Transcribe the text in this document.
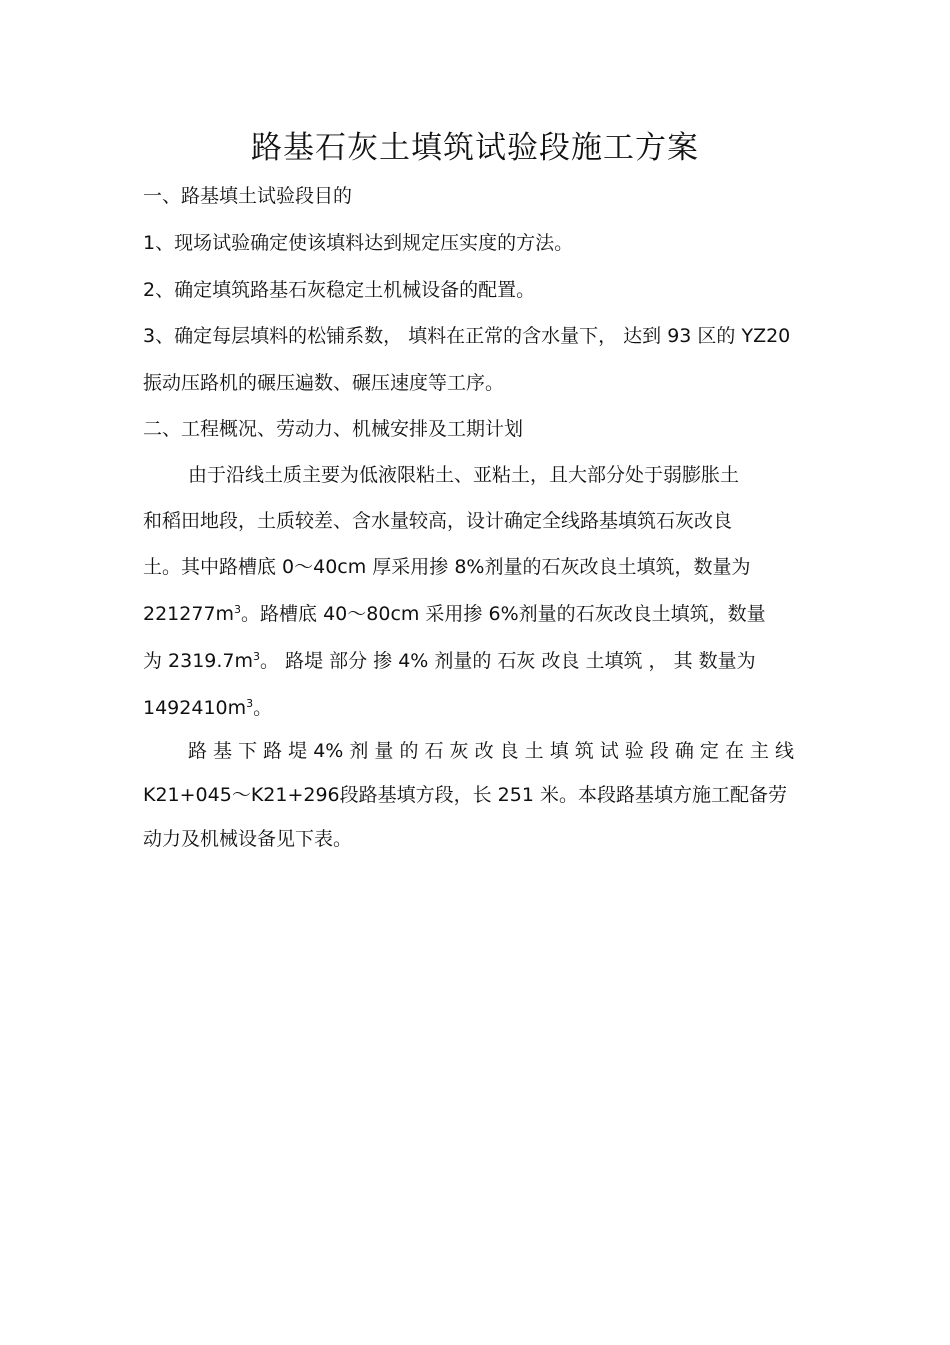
路基石灰土填筑试验段施工方案
一、路基填土试验段目的
1、现场试验确定使该填料达到规定压实度的方法。
2、确定填筑路基石灰稳定土机械设备的配置。
3、确定每层填料的松铺系数， 填料在正常的含水量下， 达到 93 区的 YZ20
振动压路机的碾压遍数、碾压速度等工序。
二、工程概况、劳动力、机械安排及工期计划
由于沿线土质主要为低液限粘土、亚粘土，且大部分处于弱膨胀土
和稻田地段，土质较差、含水量较高，设计确定全线路基填筑石灰改良
土。其中路槽底 0～40cm 厚采用掺 8%剂量的石灰改良土填筑，数量为
$221277m^3$。路槽底 40～80cm 采用掺 6%剂量的石灰改良土填筑，数量
为 $2319.7m^3$。 路堤 部分 掺 4% 剂量的 石灰 改良 土填筑 ， 其 数量为
$1492410m^3$。
路 基 下 路 堤 4% 剂 量 的 石 灰 改 良 土 填 筑 试 验 段 确 定 在 主 线
K21+045～K21+296段路基填方段，长 251 米。本段路基填方施工配备劳
动力及机械设备见下表。
